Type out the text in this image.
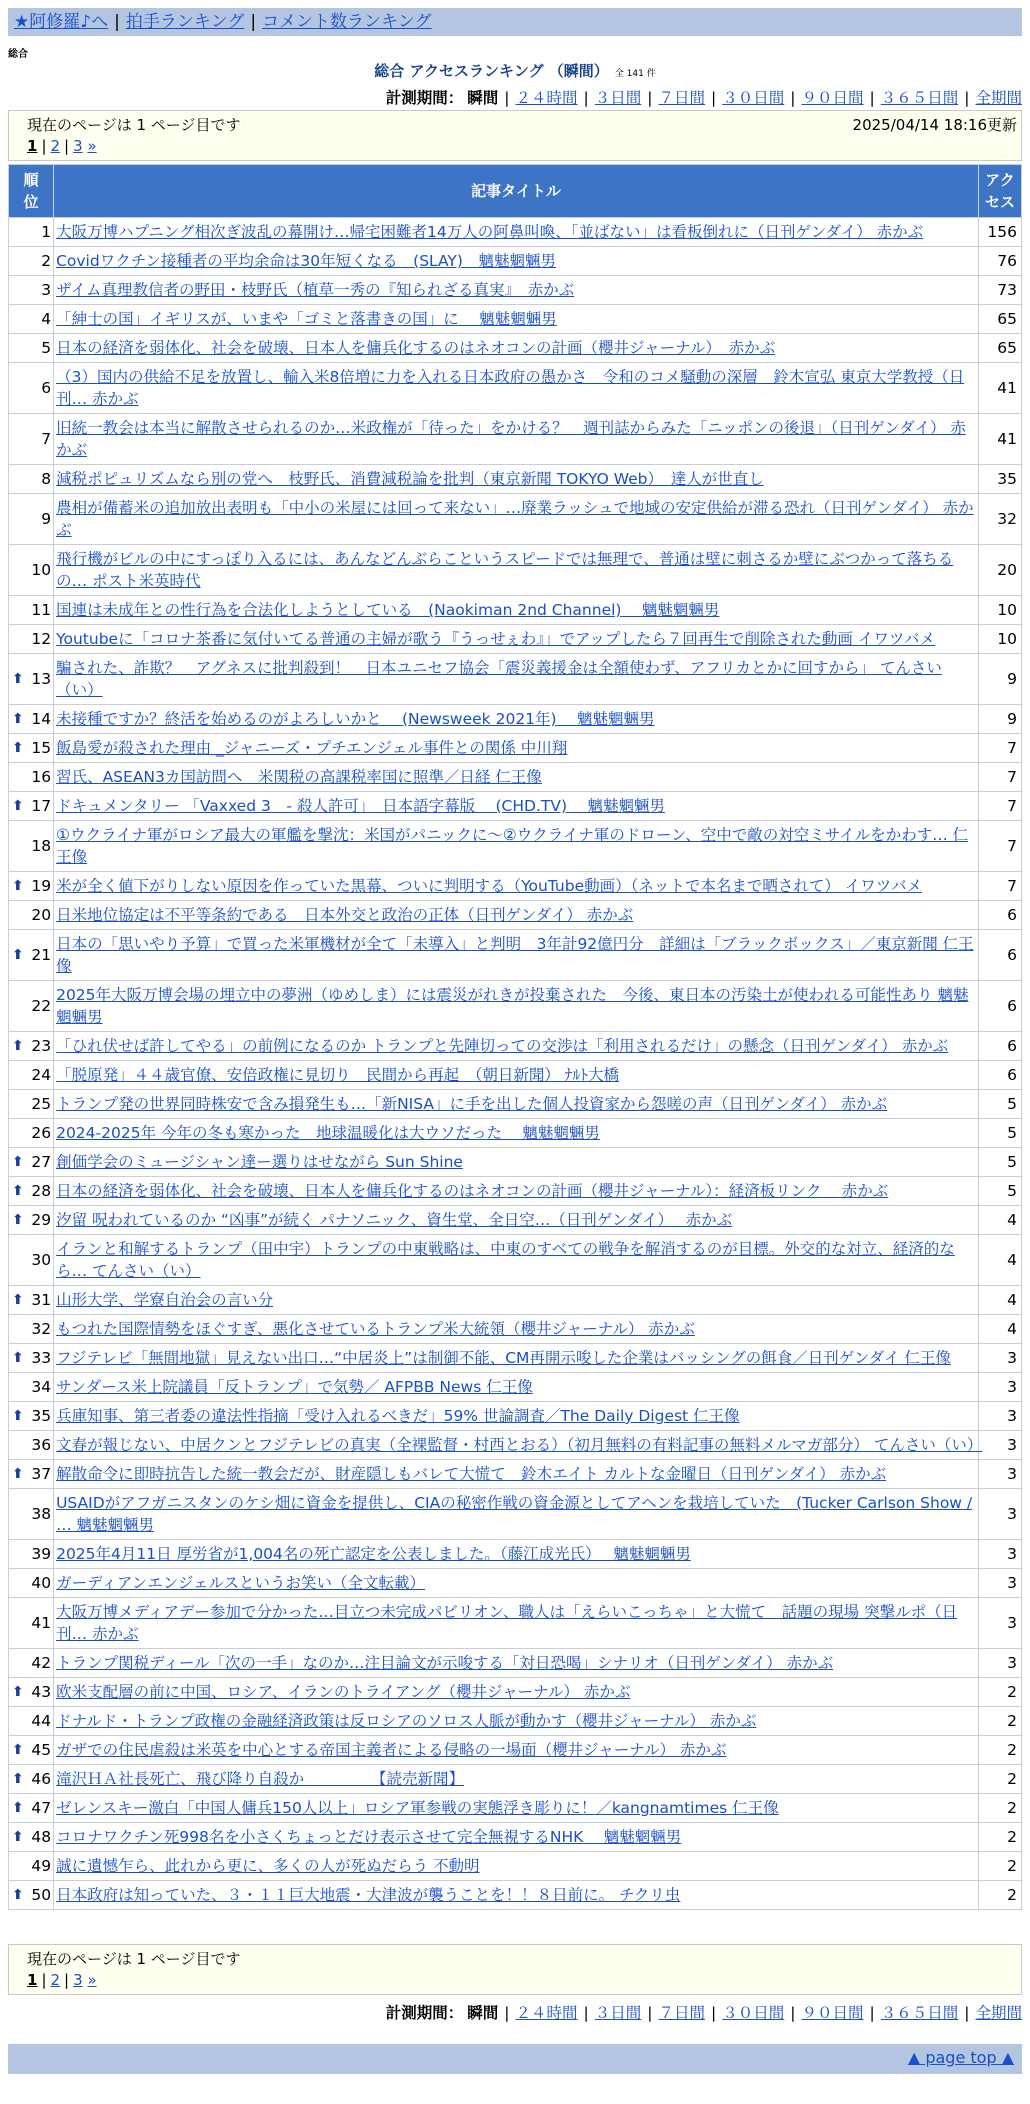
★阿修羅♪へ | 拍手ランキング | コメント数ランキング
総合
総合 アクセスランキング （瞬間） 全 141 件
計測期間： 瞬間 | ２４時間 | ３日間 | ７日間 | ３０日間 | ９０日間 | ３６５日間 | 全期間
現在のページは 1 ページ目です	2025/04/14 18:16更新
1 | 2 | 3 »
順
位	記事タイトル	アク
セス
1	大阪万博ハプニング相次ぎ波乱の幕開け…帰宅困難者14万人の阿鼻叫喚、「並ばない」は看板倒れに（日刊ゲンダイ） 赤かぶ	156
2	Covidワクチン接種者の平均余命は30年短くなる　(SLAY)　魑魅魍魎男	76
3	ザイム真理教信者の野田・枝野氏（植草一秀の『知られざる真実』　赤かぶ	73
4	「紳士の国」イギリスが、いまや「ゴミと落書きの国」に　 魑魅魍魎男	65
5	日本の経済を弱体化、社会を破壊、日本人を傭兵化するのはネオコンの計画（櫻井ジャーナル）　赤かぶ	65
6	（3）国内の供給不足を放置し、輸入米8倍増に力を入れる日本政府の愚かさ　令和のコメ騒動の深層　鈴木宣弘 東京大学教授（日刊… 赤かぶ	41
7	旧統一教会は本当に解散させられるのか…米政権が「待った」をかける？　週刊誌からみた「ニッポンの後退」（日刊ゲンダイ） 赤かぶ	41
8	減税ポピュリズムなら別の党へ　枝野氏、消費減税論を批判（東京新聞 TOKYO Web）　達人が世直し	35
9	農相が備蓄米の追加放出表明も「中小の米屋には回って来ない」…廃業ラッシュで地域の安定供給が滞る恐れ（日刊ゲンダイ） 赤かぶ	32
10	飛行機がビルの中にすっぽり入るには、あんなどんぶらこというスピードでは無理で、普通は壁に刺さるか壁にぶつかって落ちるの… ポスト米英時代	20
11	国連は未成年との性行為を合法化しようとしている　(Naokiman 2nd Channel)　 魑魅魍魎男	10
12	Youtubeに「コロナ茶番に気付いてる普通の主婦が歌う『うっせぇわ』」でアップしたら７回再生で削除された動画 イワツバメ	10

⬆ 13	騙された、詐欺？　アグネスに批判殺到！　日本ユニセフ協会「震災義援金は全額使わず、アフリカとかに回すから」 てんさい（い）	9

⬆ 14	未接種ですか？終活を始めるのがよろしいかと　 (Newsweek 2021年)　 魑魅魍魎男	9

⬆ 15	飯島愛が殺された理由 _ジャニーズ・プチエンジェル事件との関係 中川翔	7
16	習氏、ASEAN3カ国訪問へ　米関税の高課税率国に照準／日経 仁王像	7

⬆ 17	ドキュメンタリー 「Vaxxed 3　- 殺人許可」　日本語字幕版　 (CHD.TV)　 魑魅魍魎男	7
18	①ウクライナ軍がロシア最大の軍艦を撃沈：米国がパニックに～②ウクライナ軍のドローン、空中で敵の対空ミサイルをかわす… 仁王像	7

⬆ 19	米が全く値下がりしない原因を作っていた黒幕、ついに判明する（YouTube動画）（ネットで本名まで晒されて） イワツバメ	7
20	日米地位協定は不平等条約である　日本外交と政治の正体（日刊ゲンダイ） 赤かぶ	6

⬆ 21	日本の「思いやり予算」で買った米軍機材が全て「未導入」と判明　3年計92億円分　詳細は「ブラックボックス」／東京新聞 仁王像	6
22	2025年大阪万博会場の埋立中の夢洲（ゆめしま）には震災がれきが投棄された　今後、東日本の汚染土が使われる可能性あり 魑魅魍魎男	6

⬆ 23	「ひれ伏せば許してやる」の前例になるのか トランプと先陣切っての交渉は「利用されるだけ」の懸念（日刊ゲンダイ） 赤かぶ	6
24	「脱原発」４４歳官僚、安倍政権に見切り　民間から再起　（朝日新聞） ﾅﾙﾄ大橋	6
25	トランプ発の世界同時株安で含み損発生も…「新NISA」に手を出した個人投資家から怨嗟の声（日刊ゲンダイ） 赤かぶ	5
26	2024-2025年 今年の冬も寒かった　地球温暖化は大ウソだった　 魑魅魍魎男	5

⬆ 27	創価学会のミュージシャン達ー選りはせながら Sun Shine	5

⬆ 28	日本の経済を弱体化、社会を破壊、日本人を傭兵化するのはネオコンの計画（櫻井ジャーナル）：経済板リンク　 赤かぶ	5

⬆ 29	汐留 呪われているのか “凶事”が続く パナソニック、資生堂、全日空…（日刊ゲンダイ）　 赤かぶ	4
30	イランと和解するトランプ（田中宇）トランプの中東戦略は、中東のすべての戦争を解消するのが目標。外交的な対立、経済的なら… てんさい（い）	4

⬆ 31	山形大学、学寮自治会の言い分	4
32	もつれた国際情勢をほぐすぎ、悪化させているトランプ米大統領（櫻井ジャーナル） 赤かぶ	4

⬆ 33	フジテレビ「無間地獄」見えない出口…“中居炎上”は制御不能、CM再開示唆した企業はバッシングの餌食／日刊ゲンダイ 仁王像	3
34	サンダース米上院議員「反トランプ」で気勢／ AFPBB News 仁王像	3

⬆ 35	兵庫知事、第三者委の違法性指摘「受け入れるべきだ」59% 世論調査／The Daily Digest 仁王像	3
36	文春が報じない、中居クンとフジテレビの真実（全裸監督・村西とおる）（初月無料の有料記事の無料メルマガ部分） てんさい（い）	3

⬆ 37	解散命令に即時抗告した統一教会だが、財産隠しもバレて大慌て　鈴木エイト カルトな金曜日（日刊ゲンダイ） 赤かぶ	3
38	USAIDがアフガニスタンのケシ畑に資金を提供し、CIAの秘密作戦の資金源としてアヘンを栽培していた　(Tucker Carlson Show / … 魑魅魍魎男	3
39	2025年4月11日 厚労省が1,004名の死亡認定を公表しました。（藤江成光氏）　 魑魅魍魎男	3
40	ガーディアンエンジェルスというお笑い（全文転載）	3
41	大阪万博メディアデー参加で分かった…目立つ未完成パビリオン、職人は「えらいこっちゃ」と大慌て　話題の現場 突撃ルポ（日刊… 赤かぶ	3
42	トランプ関税ディール「次の一手」なのか…注目論文が示唆する「対日恐喝」シナリオ（日刊ゲンダイ） 赤かぶ	3

⬆ 43	欧米支配層の前に中国、ロシア、イランのトライアング（櫻井ジャーナル） 赤かぶ	2
44	ドナルド・トランプ政権の金融経済政策は反ロシアのソロス人脈が動かす（櫻井ジャーナル） 赤かぶ	2

⬆ 45	ガザでの住民虐殺は米英を中心とする帝国主義者による侵略の一場面（櫻井ジャーナル） 赤かぶ	2

⬆ 46	滝沢ＨＡ社長死亡、飛び降り自殺か　　　　 【読売新聞】	2

⬆ 47	ゼレンスキー激白「中国人傭兵150人以上」ロシア軍参戦の実態浮き彫りに！／kangnamtimes 仁王像	2

⬆ 48	コロナワクチン死998名を小さくちょっとだけ表示させて完全無視するNHK　 魑魅魍魎男	2
49	誠に遺憾乍ら、此れから更に、多くの人が死ぬだらう 不動明	2

⬆ 50	日本政府は知っていた、３・１１巨大地震・大津波が襲うことを！！８日前に。 チクリ虫	2
現在のページは 1 ページ目です
1 | 2 | 3 »
計測期間： 瞬間 | ２４時間 | ３日間 | ７日間 | ３０日間 | ９０日間 | ３６５日間 | 全期間
▲ page top ▲
